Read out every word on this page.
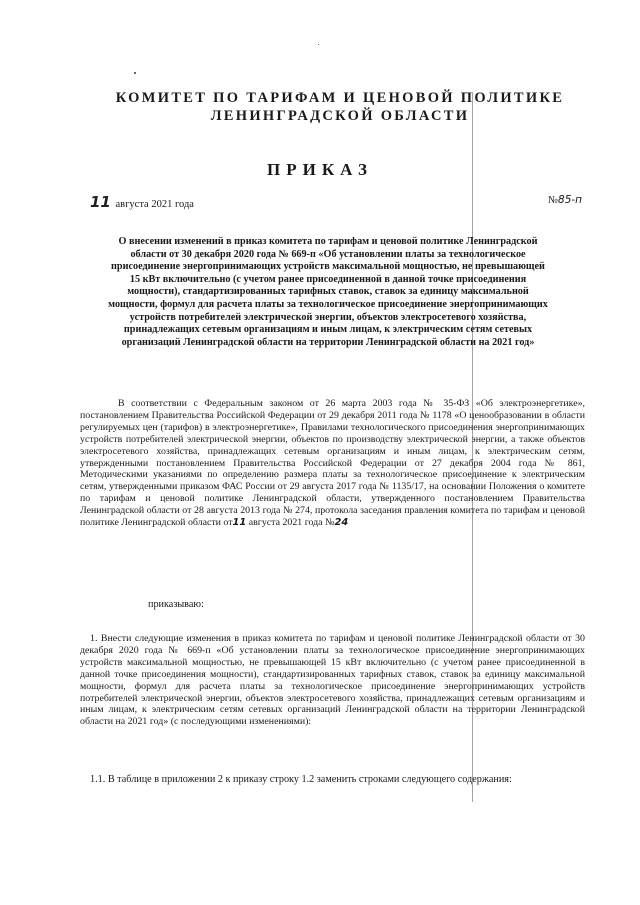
КОМИТЕТ ПО ТАРИФАМ И ЦЕНОВОЙ ПОЛИТИКЕ
ЛЕНИНГРАДСКОЙ ОБЛАСТИ
ПРИКАЗ
11 августа 2021 года	№85-п
О внесении изменений в приказ комитета по тарифам и ценовой политике Ленинградской области от 30 декабря 2020 года № 669-п «Об установлении платы за технологическое присоединение энергопринимающих устройств максимальной мощностью, не превышающей 15 кВт включительно (с учетом ранее присоединенной в данной точке присоединения мощности), стандартизированных тарифных ставок, ставок за единицу максимальной мощности, формул для расчета платы за технологическое присоединение энергопринимающих устройств потребителей электрической энергии, объектов электросетевого хозяйства, принадлежащих сетевым организациям и иным лицам, к электрическим сетям сетевых организаций Ленинградской области на территории Ленинградской области на 2021 год»
В соответствии с Федеральным законом от 26 марта 2003 года № 35-ФЗ «Об электроэнергетике», постановлением Правительства Российской Федерации от 29 декабря 2011 года № 1178 «О ценообразовании в области регулируемых цен (тарифов) в электроэнергетике», Правилами технологического присоединения энергопринимающих устройств потребителей электрической энергии, объектов по производству электрической энергии, а также объектов электросетевого хозяйства, принадлежащих сетевым организациям и иным лицам, к электрическим сетям, утвержденными постановлением Правительства Российской Федерации от 27 декабря 2004 года № 861, Методическими указаниями по определению размера платы за технологическое присоединение к электрическим сетям, утвержденными приказом ФАС России от 29 августа 2017 года № 1135/17, на основании Положения о комитете по тарифам и ценовой политике Ленинградской области, утвержденного постановлением Правительства Ленинградской области от 28 августа 2013 года № 274, протокола заседания правления комитета по тарифам и ценовой политике Ленинградской области от11 августа 2021 года №24
приказываю:
1. Внести следующие изменения в приказ комитета по тарифам и ценовой политике Ленинградской области от 30 декабря 2020 года № 669-п «Об установлении платы за технологическое присоединение энергопринимающих устройств максимальной мощностью, не превышающей 15 кВт включительно (с учетом ранее присоединенной в данной точке присоединения мощности), стандартизированных тарифных ставок, ставок за единицу максимальной мощности, формул для расчета платы за технологическое присоединение энергопринимающих устройств потребителей электрической энергии, объектов электросетевого хозяйства, принадлежащих сетевым организациям и иным лицам, к электрическим сетям сетевых организаций Ленинградской области на территории Ленинградской области на 2021 год» (с последующими изменениями):
1.1. В таблице в приложении 2 к приказу строку 1.2 заменить строками следующего содержания:
